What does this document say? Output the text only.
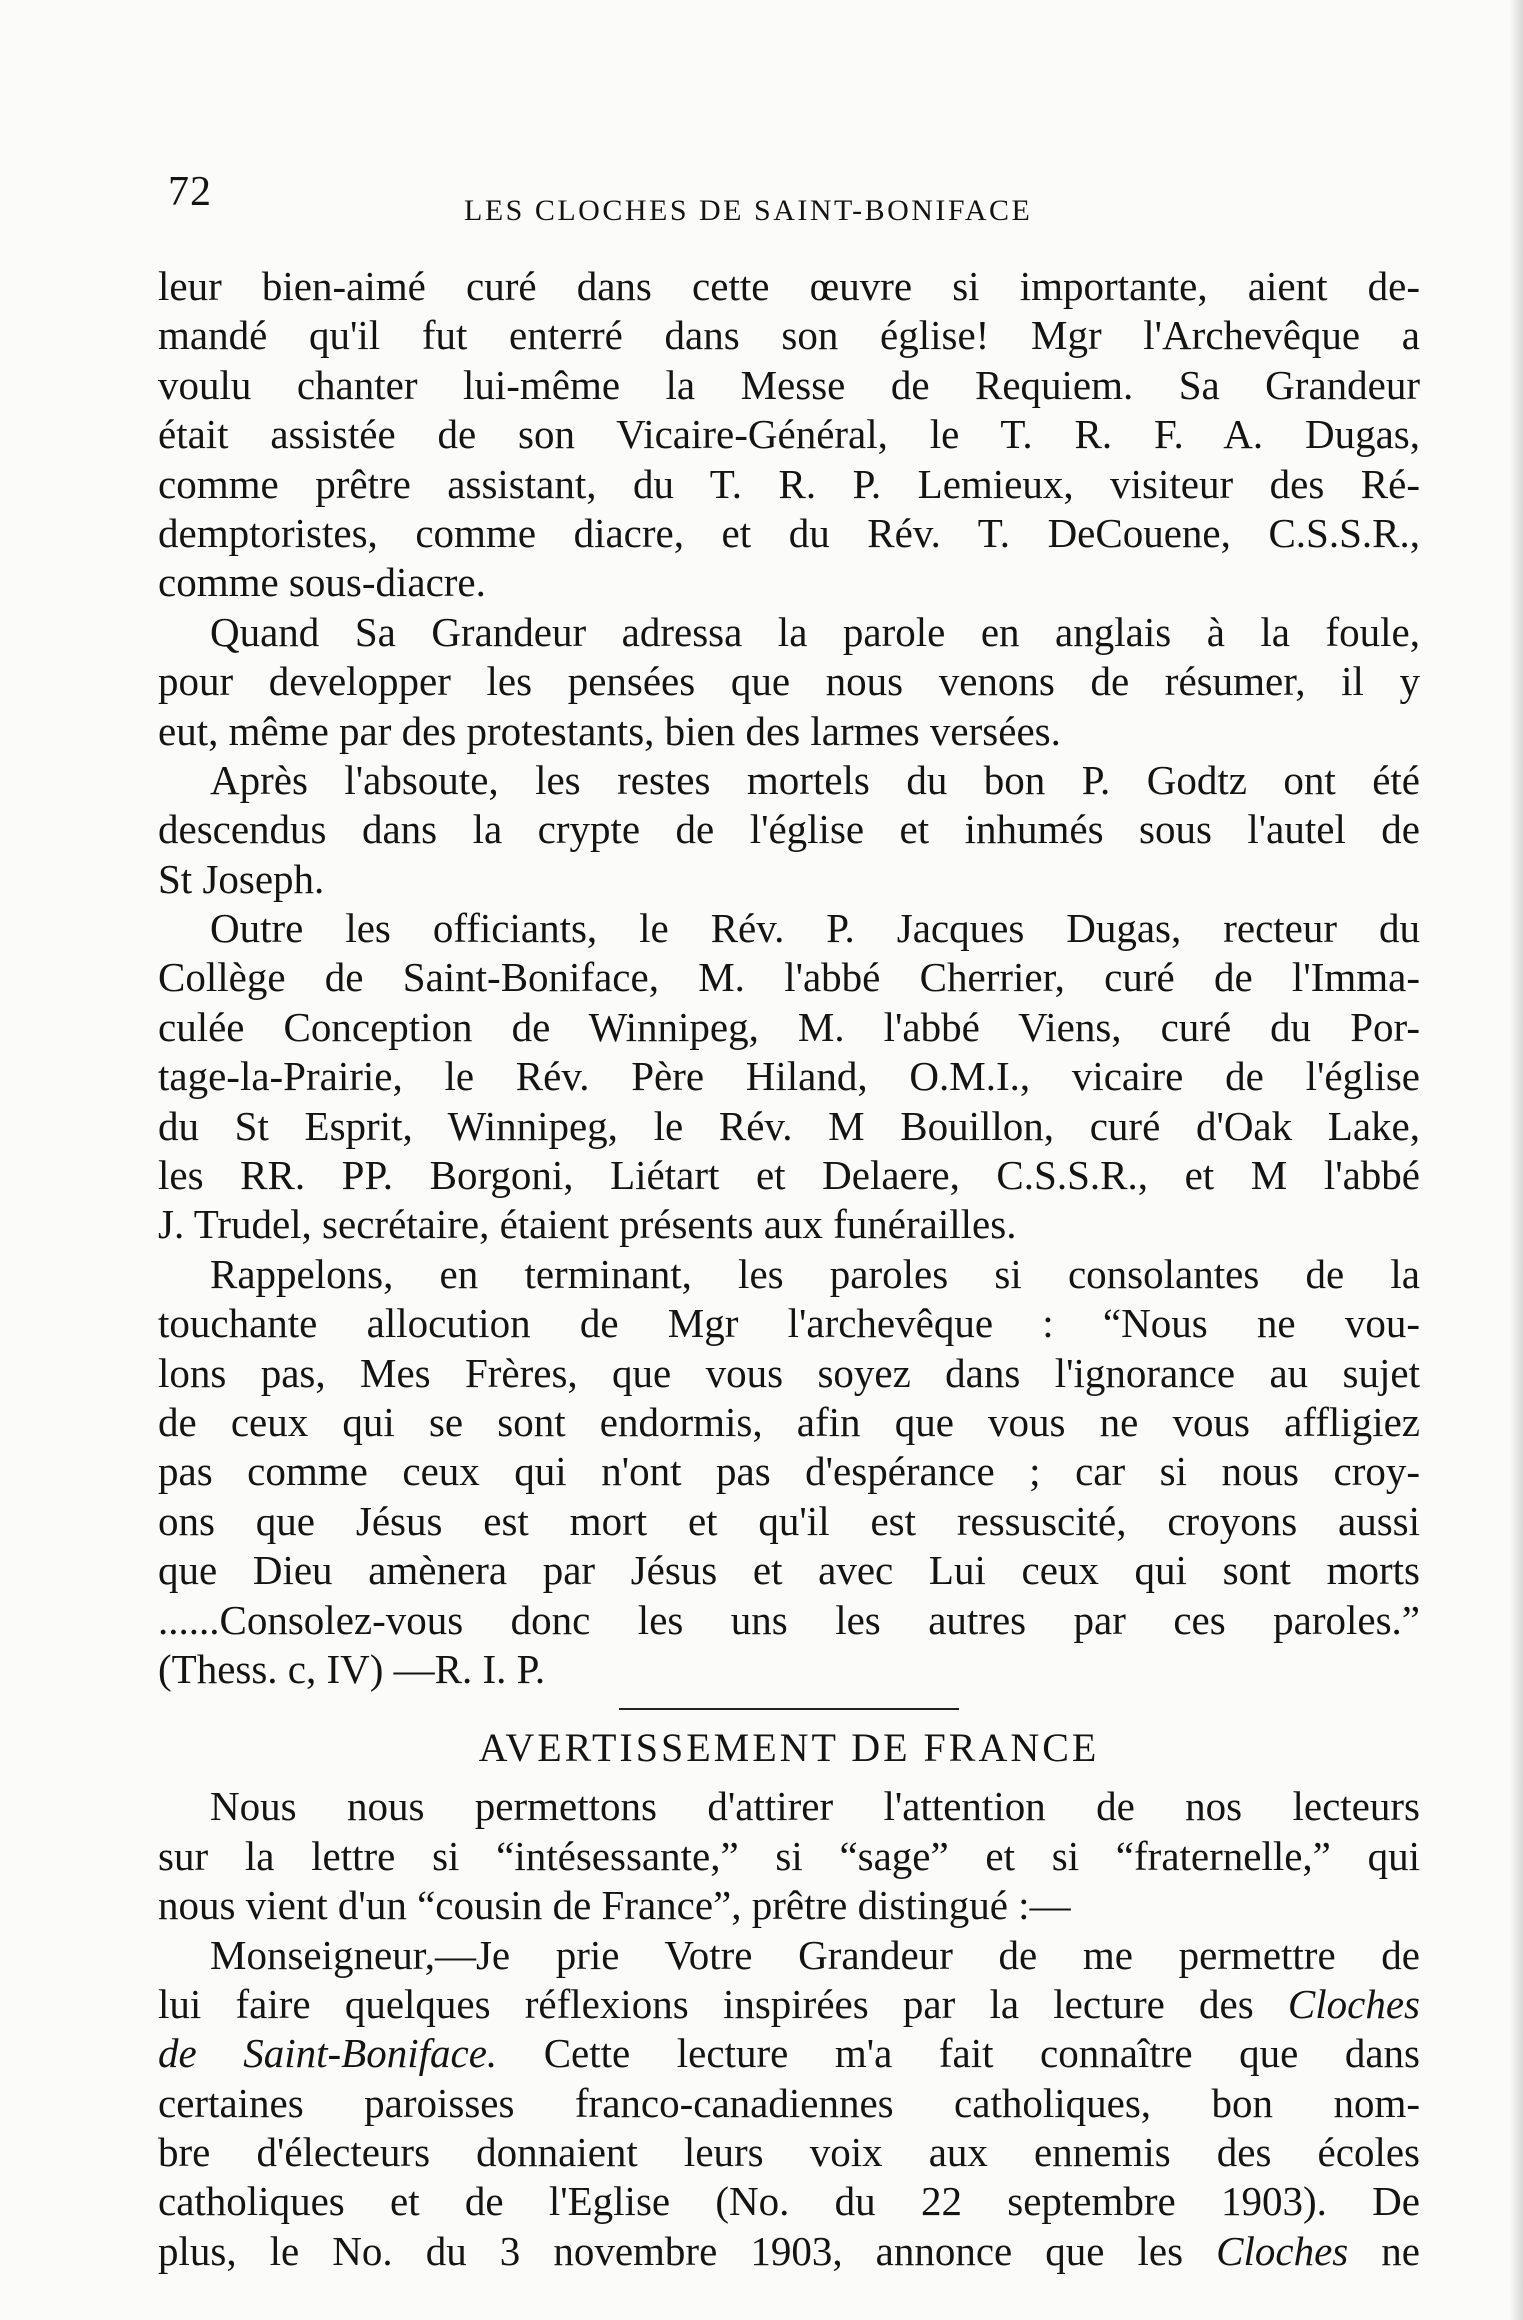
72	LES CLOCHES DE SAINT-BONIFACE
leur bien-aimé curé dans cette œuvre si importante, aient de-
mandé qu'il fut enterré dans son église! Mgr l'Archevêque a
voulu chanter lui-même la Messe de Requiem. Sa Grandeur
était assistée de son Vicaire-Général, le T. R. F. A. Dugas,
comme prêtre assistant, du T. R. P. Lemieux, visiteur des Ré-
demptoristes, comme diacre, et du Rév. T. DeCouene, C.S.S.R.,
comme sous-diacre.
Quand Sa Grandeur adressa la parole en anglais à la foule,
pour developper les pensées que nous venons de résumer, il y
eut, même par des protestants, bien des larmes versées.
Après l'absoute, les restes mortels du bon P. Godtz ont été
descendus dans la crypte de l'église et inhumés sous l'autel de
St Joseph.
Outre les officiants, le Rév. P. Jacques Dugas, recteur du
Collège de Saint-Boniface, M. l'abbé Cherrier, curé de l'Imma-
culée Conception de Winnipeg, M. l'abbé Viens, curé du Por-
tage-la-Prairie, le Rév. Père Hiland, O.M.I., vicaire de l'église
du St Esprit, Winnipeg, le Rév. M Bouillon, curé d'Oak Lake,
les RR. PP. Borgoni, Liétart et Delaere, C.S.S.R., et M l'abbé
J. Trudel, secrétaire, étaient présents aux funérailles.
Rappelons, en terminant, les paroles si consolantes de la
touchante allocution de Mgr l'archevêque : “Nous ne vou-
lons pas, Mes Frères, que vous soyez dans l'ignorance au sujet
de ceux qui se sont endormis, afin que vous ne vous affligiez
pas comme ceux qui n'ont pas d'espérance ; car si nous croy-
ons que Jésus est mort et qu'il est ressuscité, croyons aussi
que Dieu amènera par Jésus et avec Lui ceux qui sont morts
......Consolez-vous donc les uns les autres par ces paroles.”
(Thess. c, IV) —R. I. P.
AVERTISSEMENT DE FRANCE
Nous nous permettons d'attirer l'attention de nos lecteurs
sur la lettre si “intésessante,” si “sage” et si “fraternelle,” qui
nous vient d'un “cousin de France”, prêtre distingué :—
Monseigneur,—Je prie Votre Grandeur de me permettre de
lui faire quelques réflexions inspirées par la lecture des Cloches
de Saint-Boniface. Cette lecture m'a fait connaître que dans
certaines paroisses franco-canadiennes catholiques, bon nom-
bre d'électeurs donnaient leurs voix aux ennemis des écoles
catholiques et de l'Eglise (No. du 22 septembre 1903). De
plus, le No. du 3 novembre 1903, annonce que les Cloches ne
